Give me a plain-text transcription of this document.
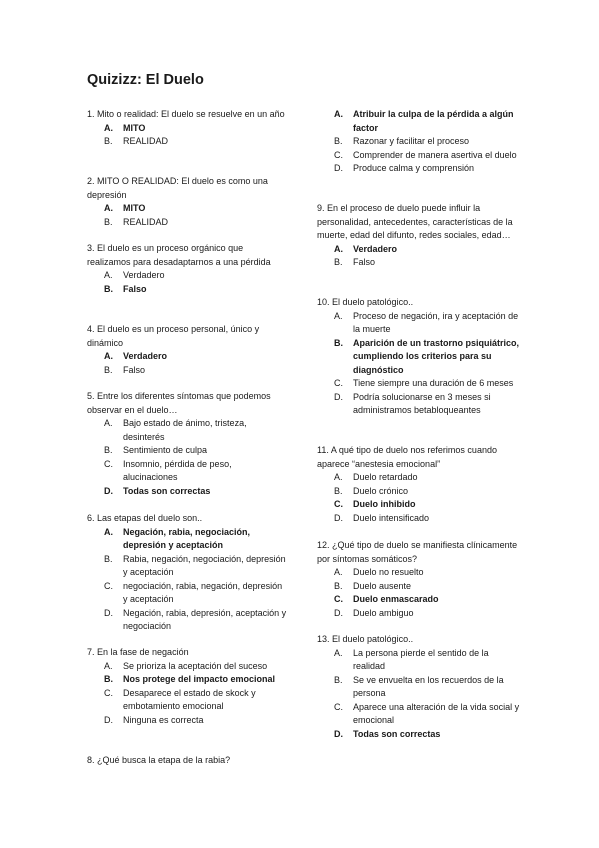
Quizizz: El Duelo
1. Mito o realidad: El duelo se resuelve en un año
A. MITO
B. REALIDAD
2. MITO O REALIDAD: El duelo es como una depresión
A. MITO
B. REALIDAD
3. El duelo es un proceso orgánico que realizamos para desadaptarnos a una pérdida
A. Verdadero
B. Falso
4. El duelo es un proceso personal, único y dinámico
A. Verdadero
B. Falso
5. Entre los diferentes síntomas que podemos observar en el duelo…
A. Bajo estado de ánimo, tristeza, desinterés
B. Sentimiento de culpa
C. Insomnio, pérdida de peso, alucinaciones
D. Todas son correctas
6. Las etapas del duelo son..
A. Negación, rabia, negociación, depresión y aceptación
B. Rabia, negación, negociación, depresión y aceptación
C. negociación, rabia, negación, depresión y aceptación
D. Negación, rabia, depresión, aceptación y negociación
7. En la fase de negación
A. Se prioriza la aceptación del suceso
B. Nos protege del impacto emocional
C. Desaparece el estado de skock y embotamiento emocional
D. Ninguna es correcta
8. ¿Qué busca la etapa de la rabia?
A. Atribuir la culpa de la pérdida a algún factor
B. Razonar y facilitar el proceso
C. Comprender de manera asertiva el duelo
D. Produce calma y comprensión
9. En el proceso de duelo puede influir la personalidad, antecedentes, características de la muerte, edad del difunto, redes sociales, edad…
A. Verdadero
B. Falso
10. El duelo patológico..
A. Proceso de negación, ira y aceptación de la muerte
B. Aparición de un trastorno psiquiátrico, cumpliendo los criterios para su diagnóstico
C. Tiene siempre una duración de 6 meses
D. Podría solucionarse en 3 meses si administramos betabloqueantes
11. A qué tipo de duelo nos referimos cuando aparece “anestesia emocional”
A. Duelo retardado
B. Duelo crónico
C. Duelo inhibido
D. Duelo intensificado
12. ¿Qué tipo de duelo se manifiesta clínicamente por síntomas somáticos?
A. Duelo no resuelto
B. Duelo ausente
C. Duelo enmascarado
D. Duelo ambiguo
13. El duelo patológico..
A. La persona pierde el sentido de la realidad
B. Se ve envuelta en los recuerdos de la persona
C. Aparece una alteración de la vida social y emocional
D. Todas son correctas
